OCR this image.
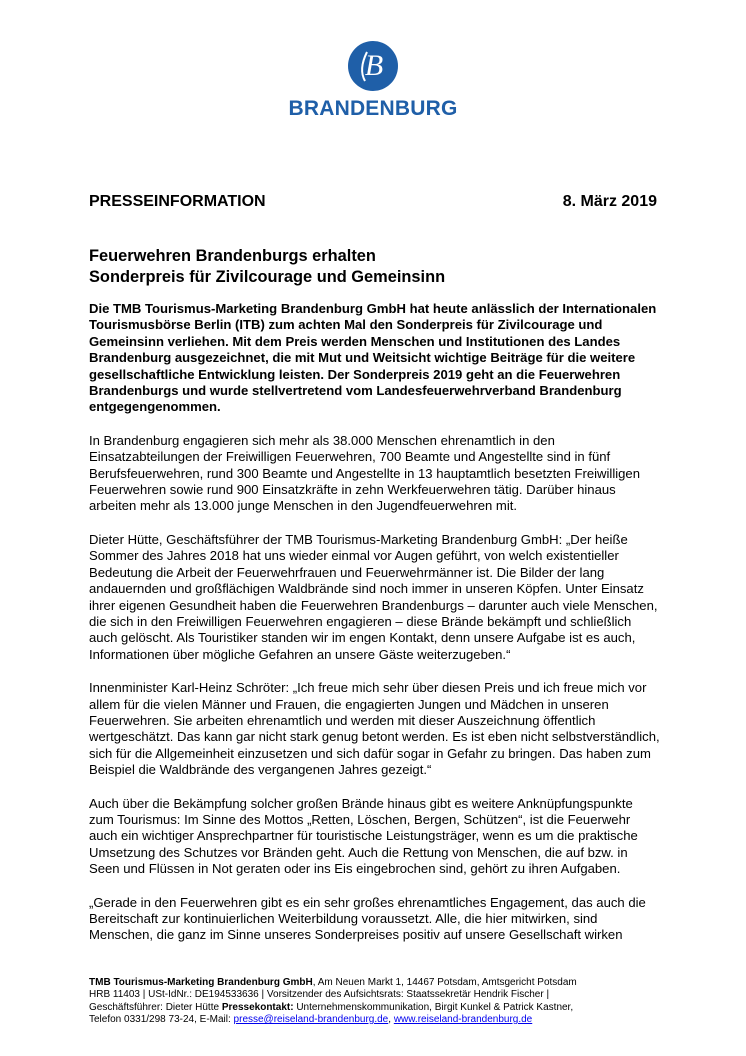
B
BRANDENBURG
PRESSEINFORMATION	8. März 2019
Feuerwehren Brandenburgs erhalten
Sonderpreis für Zivilcourage und Gemeinsinn

Die TMB Tourismus-Marketing Brandenburg GmbH hat heute anlässlich der Internationalen Tourismusbörse Berlin (ITB) zum achten Mal den Sonderpreis für Zivilcourage und Gemeinsinn verliehen. Mit dem Preis werden Menschen und Institutionen des Landes Brandenburg ausgezeichnet, die mit Mut und Weitsicht wichtige Beiträge für die weitere gesellschaftliche Entwicklung leisten. Der Sonderpreis 2019 geht an die Feuerwehren Brandenburgs und wurde stellvertretend vom Landesfeuerwehrverband Brandenburg entgegengenommen.

In Brandenburg engagieren sich mehr als 38.000 Menschen ehrenamtlich in den Einsatzabteilungen der Freiwilligen Feuerwehren, 700 Beamte und Angestellte sind in fünf Berufsfeuerwehren, rund 300 Beamte und Angestellte in 13 hauptamtlich besetzten Freiwilligen Feuerwehren sowie rund 900 Einsatzkräfte in zehn Werkfeuerwehren tätig. Darüber hinaus arbeiten mehr als 13.000 junge Menschen in den Jugendfeuerwehren mit.

Dieter Hütte, Geschäftsführer der TMB Tourismus-Marketing Brandenburg GmbH: „Der heiße Sommer des Jahres 2018 hat uns wieder einmal vor Augen geführt, von welch existentieller Bedeutung die Arbeit der Feuerwehrfrauen und Feuerwehrmänner ist. Die Bilder der lang andauernden und großflächigen Waldbrände sind noch immer in unseren Köpfen. Unter Einsatz ihrer eigenen Gesundheit haben die Feuerwehren Brandenburgs – darunter auch viele Menschen, die sich in den Freiwilligen Feuerwehren engagieren – diese Brände bekämpft und schließlich auch gelöscht. Als Touristiker standen wir im engen Kontakt, denn unsere Aufgabe ist es auch, Informationen über mögliche Gefahren an unsere Gäste weiterzugeben.“

Innenminister Karl-Heinz Schröter: „Ich freue mich sehr über diesen Preis und ich freue mich vor allem für die vielen Männer und Frauen, die engagierten Jungen und Mädchen in unseren Feuerwehren. Sie arbeiten ehrenamtlich und werden mit dieser Auszeichnung öffentlich wertgeschätzt. Das kann gar nicht stark genug betont werden. Es ist eben nicht selbstverständlich, sich für die Allgemeinheit einzusetzen und sich dafür sogar in Gefahr zu bringen. Das haben zum Beispiel die Waldbrände des vergangenen Jahres gezeigt.“

Auch über die Bekämpfung solcher großen Brände hinaus gibt es weitere Anknüpfungspunkte zum Tourismus: Im Sinne des Mottos „Retten, Löschen, Bergen, Schützen“, ist die Feuerwehr auch ein wichtiger Ansprechpartner für touristische Leistungsträger, wenn es um die praktische Umsetzung des Schutzes vor Bränden geht. Auch die Rettung von Menschen, die auf bzw. in Seen und Flüssen in Not geraten oder ins Eis eingebrochen sind, gehört zu ihren Aufgaben.

„Gerade in den Feuerwehren gibt es ein sehr großes ehrenamtliches Engagement, das auch die Bereitschaft zur kontinuierlichen Weiterbildung voraussetzt. Alle, die hier mitwirken, sind Menschen, die ganz im Sinne unseres Sonderpreises positiv auf unsere Gesellschaft wirken

TMB Tourismus-Marketing Brandenburg GmbH, Am Neuen Markt 1, 14467 Potsdam, Amtsgericht Potsdam
HRB 11403 | USt-IdNr.: DE194533636 | Vorsitzender des Aufsichtsrats: Staatssekretär Hendrik Fischer |
Geschäftsführer: Dieter Hütte Pressekontakt: Unternehmenskommunikation, Birgit Kunkel & Patrick Kastner,
Telefon 0331/298 73-24, E-Mail: presse@reiseland-brandenburg.de, www.reiseland-brandenburg.de
